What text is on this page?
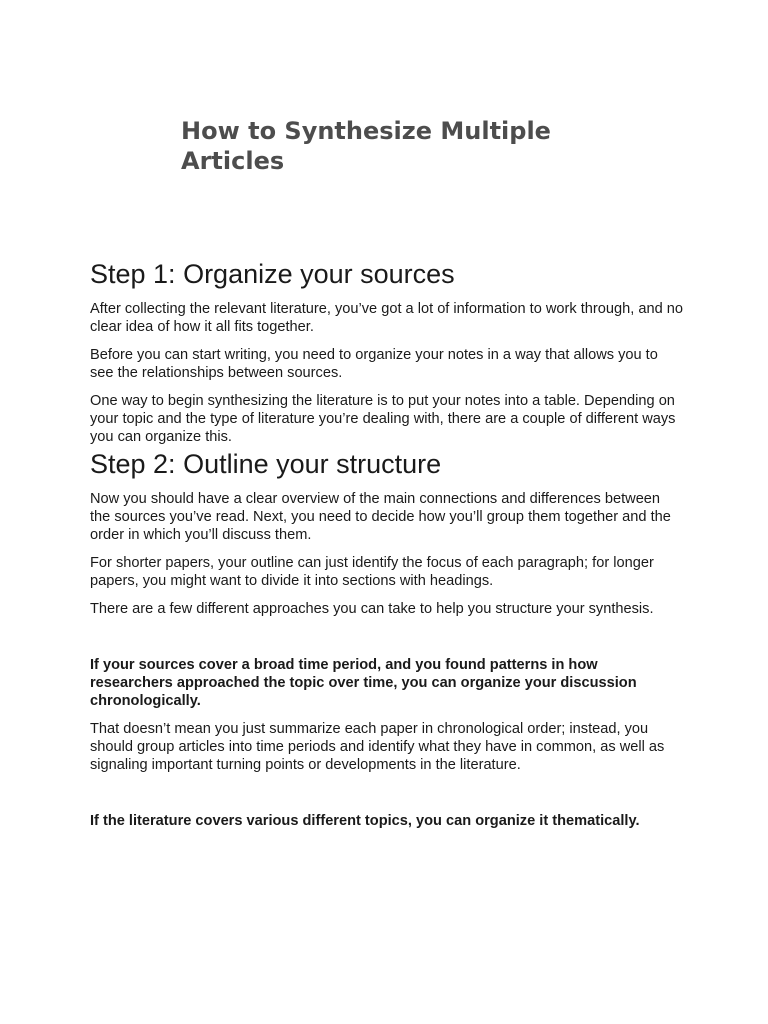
How to Synthesize Multiple Articles
Step 1: Organize your sources

After collecting the relevant literature, you’ve got a lot of information to work through, and no clear idea of how it all fits together.

Before you can start writing, you need to organize your notes in a way that allows you to see the relationships between sources.

One way to begin synthesizing the literature is to put your notes into a table. Depending on your topic and the type of literature you’re dealing with, there are a couple of different ways you can organize this.

Step 2: Outline your structure

Now you should have a clear overview of the main connections and differences between the sources you’ve read. Next, you need to decide how you’ll group them together and the order in which you’ll discuss them.

For shorter papers, your outline can just identify the focus of each paragraph; for longer papers, you might want to divide it into sections with headings.

There are a few different approaches you can take to help you structure your synthesis.

If your sources cover a broad time period, and you found patterns in how researchers approached the topic over time, you can organize your discussion chronologically.

That doesn’t mean you just summarize each paper in chronological order; instead, you should group articles into time periods and identify what they have in common, as well as signaling important turning points or developments in the literature.

If the literature covers various different topics, you can organize it thematically.
